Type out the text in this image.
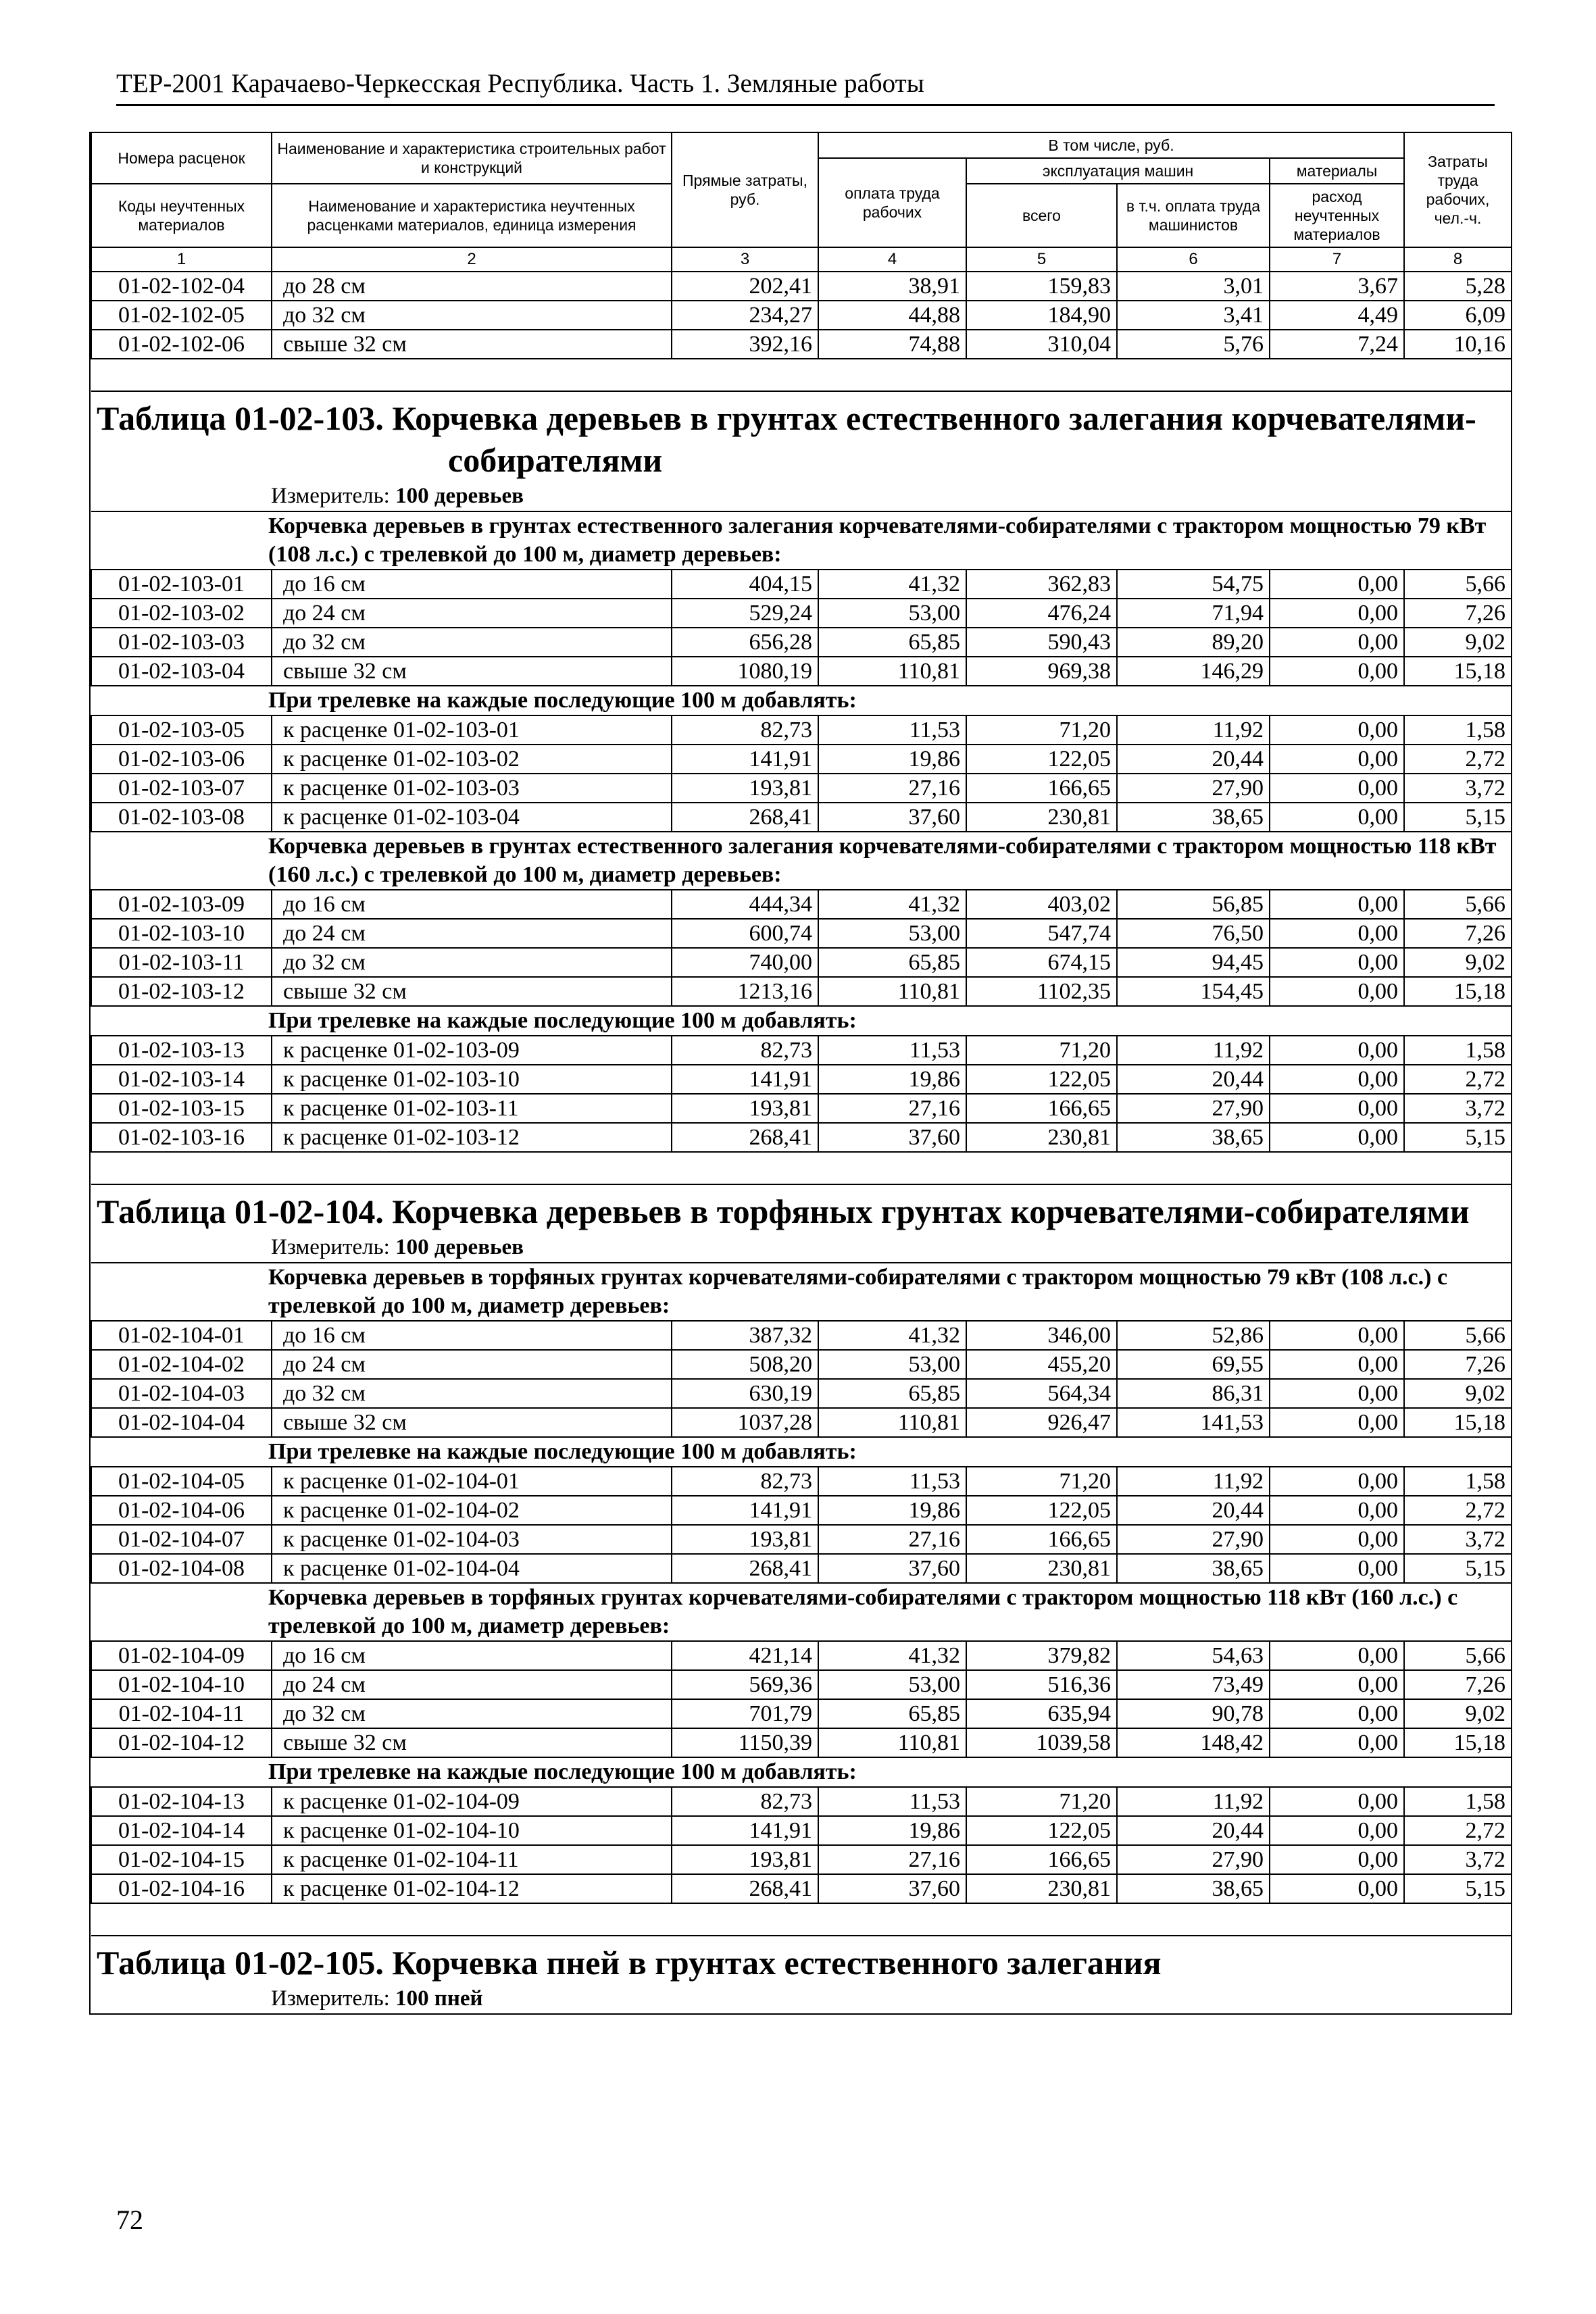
ТЕР-2001 Карачаево-Черкесская Республика. Часть 1. Земляные работы
Номера расценок	Наименование и характеристика строительных работ и конструкций	Прямые затраты, руб.	В том числе, руб.				Затраты труда рабочих, чел.-ч.
			оплата труда рабочих	эксплуатация машин		материалы	
Коды неучтенных материалов	Наименование и характеристика неучтенных расценками материалов, единица измерения			всего	в т.ч. оплата труда машинистов	расход неучтенных материалов	

1	2	3	4	5	6	7	8
01-02-102-04	до 28 см	202,41	38,91	159,83	3,01	3,67	5,28
01-02-102-05	до 32 см	234,27	44,88	184,90	3,41	4,49	6,09
01-02-102-06	свыше 32 см	392,16	74,88	310,04	5,76	7,24	10,16

Таблица 01-02-103. Корчевка деревьев в грунтах естественного залегания корчевателями-
собирателями							

Измеритель: 100 деревьев							
Корчевка деревьев в грунтах естественного залегания корчевателями-собирателями с трактором мощностью 79 кВт (108 л.с.) с трелевкой до 100 м, диаметр деревьев:							
01-02-103-01	до 16 см	404,15	41,32	362,83	54,75	0,00	5,66
01-02-103-02	до 24 см	529,24	53,00	476,24	71,94	0,00	7,26
01-02-103-03	до 32 см	656,28	65,85	590,43	89,20	0,00	9,02
01-02-103-04	свыше 32 см	1080,19	110,81	969,38	146,29	0,00	15,18
При трелевке на каждые последующие 100 м добавлять:							
01-02-103-05	к расценке 01-02-103-01	82,73	11,53	71,20	11,92	0,00	1,58
01-02-103-06	к расценке 01-02-103-02	141,91	19,86	122,05	20,44	0,00	2,72
01-02-103-07	к расценке 01-02-103-03	193,81	27,16	166,65	27,90	0,00	3,72
01-02-103-08	к расценке 01-02-103-04	268,41	37,60	230,81	38,65	0,00	5,15
Корчевка деревьев в грунтах естественного залегания корчевателями-собирателями с трактором мощностью 118 кВт (160 л.с.) с трелевкой до 100 м, диаметр деревьев:							
01-02-103-09	до 16 см	444,34	41,32	403,02	56,85	0,00	5,66
01-02-103-10	до 24 см	600,74	53,00	547,74	76,50	0,00	7,26
01-02-103-11	до 32 см	740,00	65,85	674,15	94,45	0,00	9,02
01-02-103-12	свыше 32 см	1213,16	110,81	1102,35	154,45	0,00	15,18
При трелевке на каждые последующие 100 м добавлять:							
01-02-103-13	к расценке 01-02-103-09	82,73	11,53	71,20	11,92	0,00	1,58
01-02-103-14	к расценке 01-02-103-10	141,91	19,86	122,05	20,44	0,00	2,72
01-02-103-15	к расценке 01-02-103-11	193,81	27,16	166,65	27,90	0,00	3,72
01-02-103-16	к расценке 01-02-103-12	268,41	37,60	230,81	38,65	0,00	5,15

Таблица 01-02-104. Корчевка деревьев в торфяных грунтах корчевателями-собирателями							
Измеритель: 100 деревьев							
Корчевка деревьев в торфяных грунтах корчевателями-собирателями с трактором мощностью 79 кВт (108 л.с.) с трелевкой до 100 м, диаметр деревьев:							
01-02-104-01	до 16 см	387,32	41,32	346,00	52,86	0,00	5,66
01-02-104-02	до 24 см	508,20	53,00	455,20	69,55	0,00	7,26
01-02-104-03	до 32 см	630,19	65,85	564,34	86,31	0,00	9,02
01-02-104-04	свыше 32 см	1037,28	110,81	926,47	141,53	0,00	15,18
При трелевке на каждые последующие 100 м добавлять:							
01-02-104-05	к расценке 01-02-104-01	82,73	11,53	71,20	11,92	0,00	1,58
01-02-104-06	к расценке 01-02-104-02	141,91	19,86	122,05	20,44	0,00	2,72
01-02-104-07	к расценке 01-02-104-03	193,81	27,16	166,65	27,90	0,00	3,72
01-02-104-08	к расценке 01-02-104-04	268,41	37,60	230,81	38,65	0,00	5,15
Корчевка деревьев в торфяных грунтах корчевателями-собирателями с трактором мощностью 118 кВт (160 л.с.) с трелевкой до 100 м, диаметр деревьев:							
01-02-104-09	до 16 см	421,14	41,32	379,82	54,63	0,00	5,66
01-02-104-10	до 24 см	569,36	53,00	516,36	73,49	0,00	7,26
01-02-104-11	до 32 см	701,79	65,85	635,94	90,78	0,00	9,02
01-02-104-12	свыше 32 см	1150,39	110,81	1039,58	148,42	0,00	15,18
При трелевке на каждые последующие 100 м добавлять:							
01-02-104-13	к расценке 01-02-104-09	82,73	11,53	71,20	11,92	0,00	1,58
01-02-104-14	к расценке 01-02-104-10	141,91	19,86	122,05	20,44	0,00	2,72
01-02-104-15	к расценке 01-02-104-11	193,81	27,16	166,65	27,90	0,00	3,72
01-02-104-16	к расценке 01-02-104-12	268,41	37,60	230,81	38,65	0,00	5,15

Таблица 01-02-105. Корчевка пней в грунтах естественного залегания							
Измеритель: 100 пней							
72
